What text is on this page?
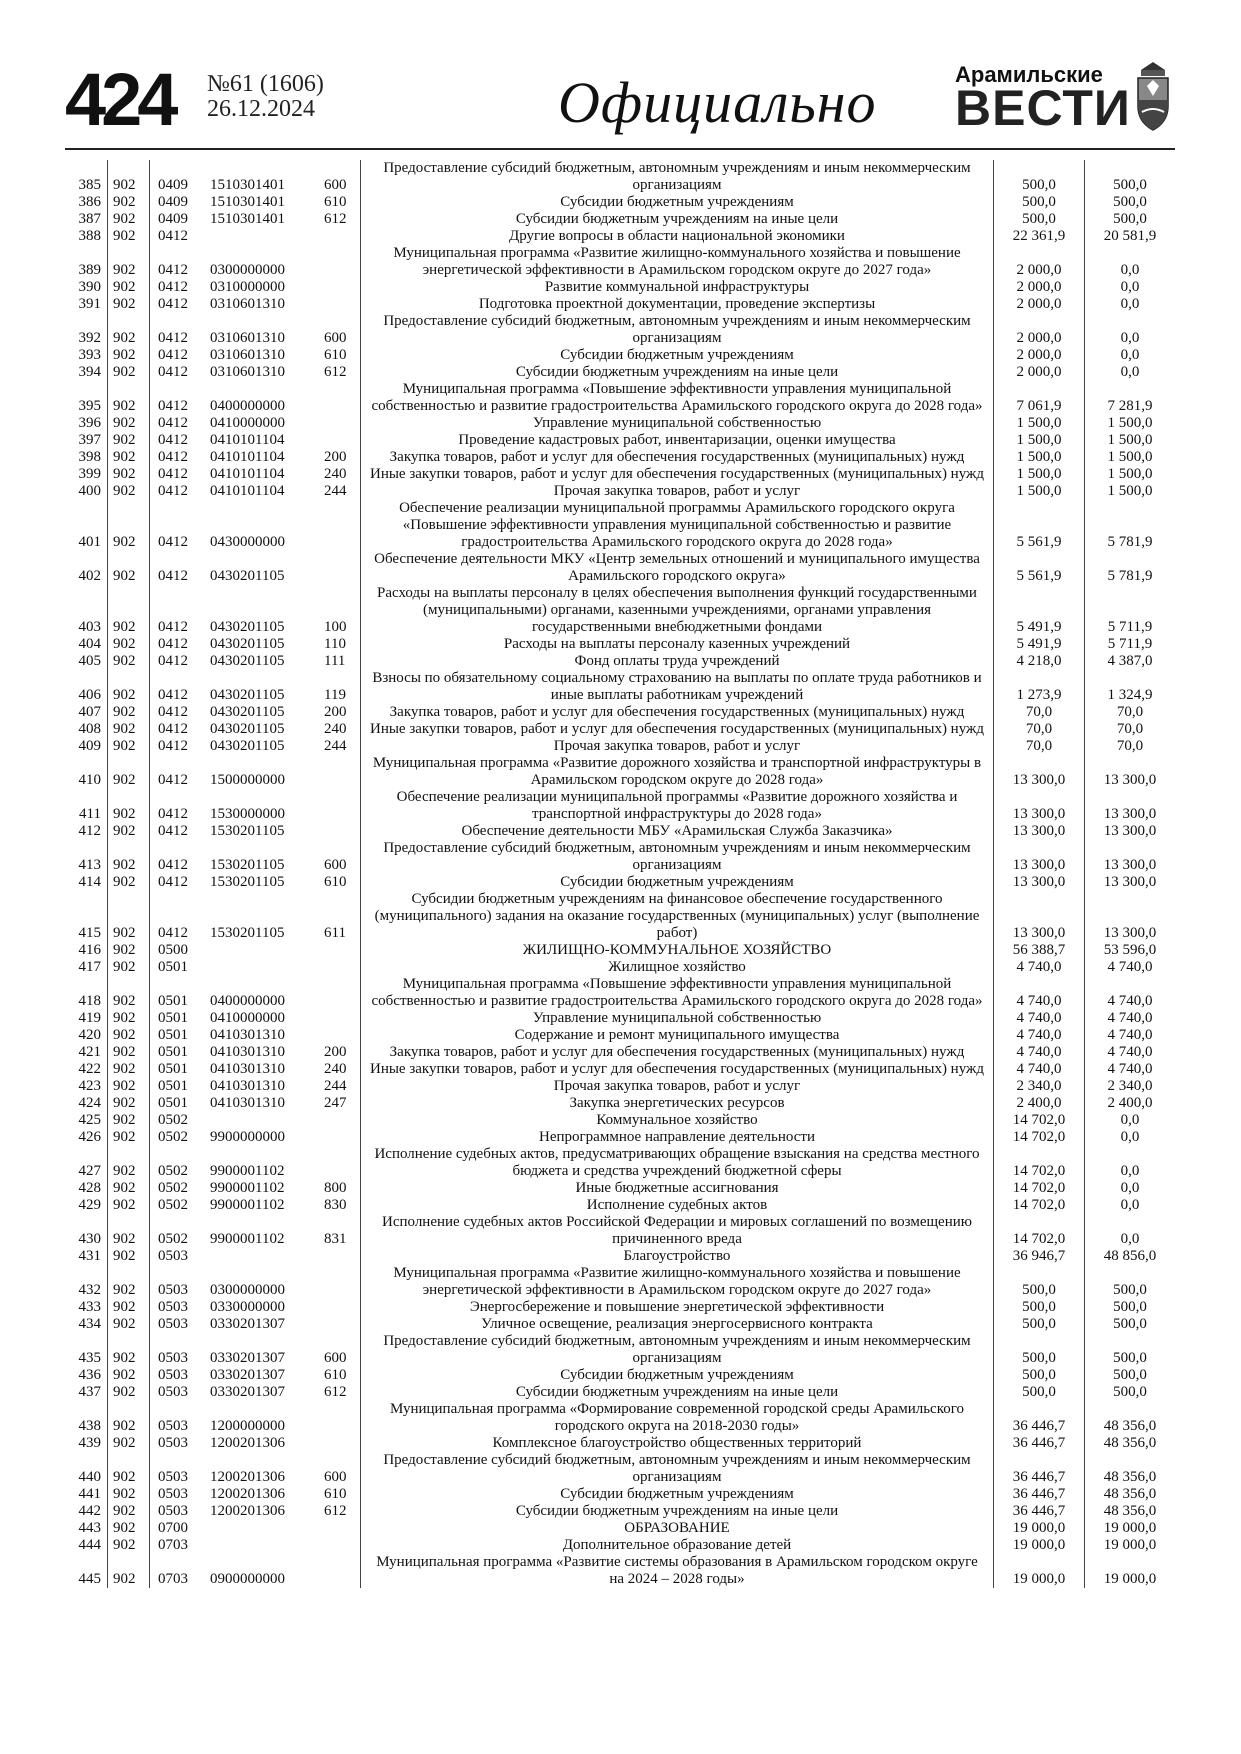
424 №61 (1606)
26.12.2024	Официально	Арамильские
ВЕСТИ
385	902	0409	1510301401	600	Предоставление субсидий бюджетным, автономным учреждениям и иным некоммерческим организациям	500,0	500,0
386	902	0409	1510301401	610	Субсидии бюджетным учреждениям	500,0	500,0
387	902	0409	1510301401	612	Субсидии бюджетным учреждениям на иные цели	500,0	500,0
388	902	0412			Другие вопросы в области национальной экономики	22 361,9	20 581,9
389	902	0412	0300000000		Муниципальная программа «Развитие жилищно-коммунального хозяйства и повышение энергетической эффективности в Арамильском городском округе до 2027 года»	2 000,0	0,0
390	902	0412	0310000000		Развитие коммунальной инфраструктуры	2 000,0	0,0
391	902	0412	0310601310		Подготовка проектной документации, проведение экспертизы	2 000,0	0,0
392	902	0412	0310601310	600	Предоставление субсидий бюджетным, автономным учреждениям и иным некоммерческим организациям	2 000,0	0,0
393	902	0412	0310601310	610	Субсидии бюджетным учреждениям	2 000,0	0,0
394	902	0412	0310601310	612	Субсидии бюджетным учреждениям на иные цели	2 000,0	0,0
395	902	0412	0400000000		Муниципальная программа «Повышение эффективности управления муниципальной собственностью и развитие градостроительства Арамильского городского округа до 2028 года»	7 061,9	7 281,9
396	902	0412	0410000000		Управление муниципальной собственностью	1 500,0	1 500,0
397	902	0412	0410101104		Проведение кадастровых работ, инвентаризации, оценки имущества	1 500,0	1 500,0
398	902	0412	0410101104	200	Закупка товаров, работ и услуг для обеспечения государственных (муниципальных) нужд	1 500,0	1 500,0
399	902	0412	0410101104	240	Иные закупки товаров, работ и услуг для обеспечения государственных (муниципальных) нужд	1 500,0	1 500,0
400	902	0412	0410101104	244	Прочая закупка товаров, работ и услуг	1 500,0	1 500,0
401	902	0412	0430000000		Обеспечение реализации муниципальной программы Арамильского городского округа «Повышение эффективности управления муниципальной собственностью и развитие градостроительства Арамильского городского округа до 2028 года»	5 561,9	5 781,9
402	902	0412	0430201105		Обеспечение деятельности МКУ «Центр земельных отношений и муниципального имущества Арамильского городского округа»	5 561,9	5 781,9
403	902	0412	0430201105	100	Расходы на выплаты персоналу в целях обеспечения выполнения функций государственными (муниципальными) органами, казенными учреждениями, органами управления государственными внебюджетными фондами	5 491,9	5 711,9
404	902	0412	0430201105	110	Расходы на выплаты персоналу казенных учреждений	5 491,9	5 711,9
405	902	0412	0430201105	111	Фонд оплаты труда учреждений	4 218,0	4 387,0
406	902	0412	0430201105	119	Взносы по обязательному социальному страхованию на выплаты по оплате труда работников и иные выплаты работникам учреждений	1 273,9	1 324,9
407	902	0412	0430201105	200	Закупка товаров, работ и услуг для обеспечения государственных (муниципальных) нужд	70,0	70,0
408	902	0412	0430201105	240	Иные закупки товаров, работ и услуг для обеспечения государственных (муниципальных) нужд	70,0	70,0
409	902	0412	0430201105	244	Прочая закупка товаров, работ и услуг	70,0	70,0
410	902	0412	1500000000		Муниципальная программа «Развитие дорожного хозяйства и транспортной инфраструктуры в Арамильском городском округе до 2028 года»	13 300,0	13 300,0
411	902	0412	1530000000		Обеспечение реализации муниципальной программы «Развитие дорожного хозяйства и транспортной инфраструктуры до 2028 года»	13 300,0	13 300,0
412	902	0412	1530201105		Обеспечение деятельности МБУ «Арамильская Служба Заказчика»	13 300,0	13 300,0
413	902	0412	1530201105	600	Предоставление субсидий бюджетным, автономным учреждениям и иным некоммерческим организациям	13 300,0	13 300,0
414	902	0412	1530201105	610	Субсидии бюджетным учреждениям	13 300,0	13 300,0
415	902	0412	1530201105	611	Субсидии бюджетным учреждениям на финансовое обеспечение государственного (муниципального) задания на оказание государственных (муниципальных) услуг (выполнение работ)	13 300,0	13 300,0
416	902	0500			ЖИЛИЩНО-КОММУНАЛЬНОЕ ХОЗЯЙСТВО	56 388,7	53 596,0
417	902	0501			Жилищное хозяйство	4 740,0	4 740,0
418	902	0501	0400000000		Муниципальная программа «Повышение эффективности управления муниципальной собственностью и развитие градостроительства Арамильского городского округа до 2028 года»	4 740,0	4 740,0
419	902	0501	0410000000		Управление муниципальной собственностью	4 740,0	4 740,0
420	902	0501	0410301310		Содержание и ремонт муниципального имущества	4 740,0	4 740,0
421	902	0501	0410301310	200	Закупка товаров, работ и услуг для обеспечения государственных (муниципальных) нужд	4 740,0	4 740,0
422	902	0501	0410301310	240	Иные закупки товаров, работ и услуг для обеспечения государственных (муниципальных) нужд	4 740,0	4 740,0
423	902	0501	0410301310	244	Прочая закупка товаров, работ и услуг	2 340,0	2 340,0
424	902	0501	0410301310	247	Закупка энергетических ресурсов	2 400,0	2 400,0
425	902	0502			Коммунальное хозяйство	14 702,0	0,0
426	902	0502	9900000000		Непрограммное направление деятельности	14 702,0	0,0
427	902	0502	9900001102		Исполнение судебных актов, предусматривающих обращение взыскания на средства местного бюджета и средства учреждений бюджетной сферы	14 702,0	0,0
428	902	0502	9900001102	800	Иные бюджетные ассигнования	14 702,0	0,0
429	902	0502	9900001102	830	Исполнение судебных актов	14 702,0	0,0
430	902	0502	9900001102	831	Исполнение судебных актов Российской Федерации и мировых соглашений по возмещению причиненного вреда	14 702,0	0,0
431	902	0503			Благоустройство	36 946,7	48 856,0
432	902	0503	0300000000		Муниципальная программа «Развитие жилищно-коммунального хозяйства и повышение энергетической эффективности в Арамильском городском округе до 2027 года»	500,0	500,0
433	902	0503	0330000000		Энергосбережение и повышение энергетической эффективности	500,0	500,0
434	902	0503	0330201307		Уличное освещение, реализация энергосервисного контракта	500,0	500,0
435	902	0503	0330201307	600	Предоставление субсидий бюджетным, автономным учреждениям и иным некоммерческим организациям	500,0	500,0
436	902	0503	0330201307	610	Субсидии бюджетным учреждениям	500,0	500,0
437	902	0503	0330201307	612	Субсидии бюджетным учреждениям на иные цели	500,0	500,0
438	902	0503	1200000000		Муниципальная программа «Формирование современной городской среды Арамильского городского округа на 2018-2030 годы»	36 446,7	48 356,0
439	902	0503	1200201306		Комплексное благоустройство общественных территорий	36 446,7	48 356,0
440	902	0503	1200201306	600	Предоставление субсидий бюджетным, автономным учреждениям и иным некоммерческим организациям	36 446,7	48 356,0
441	902	0503	1200201306	610	Субсидии бюджетным учреждениям	36 446,7	48 356,0
442	902	0503	1200201306	612	Субсидии бюджетным учреждениям на иные цели	36 446,7	48 356,0
443	902	0700			ОБРАЗОВАНИЕ	19 000,0	19 000,0
444	902	0703			Дополнительное образование детей	19 000,0	19 000,0
445	902	0703	0900000000		Муниципальная программа «Развитие системы образования в Арамильском городском округе на 2024 – 2028 годы»	19 000,0	19 000,0
